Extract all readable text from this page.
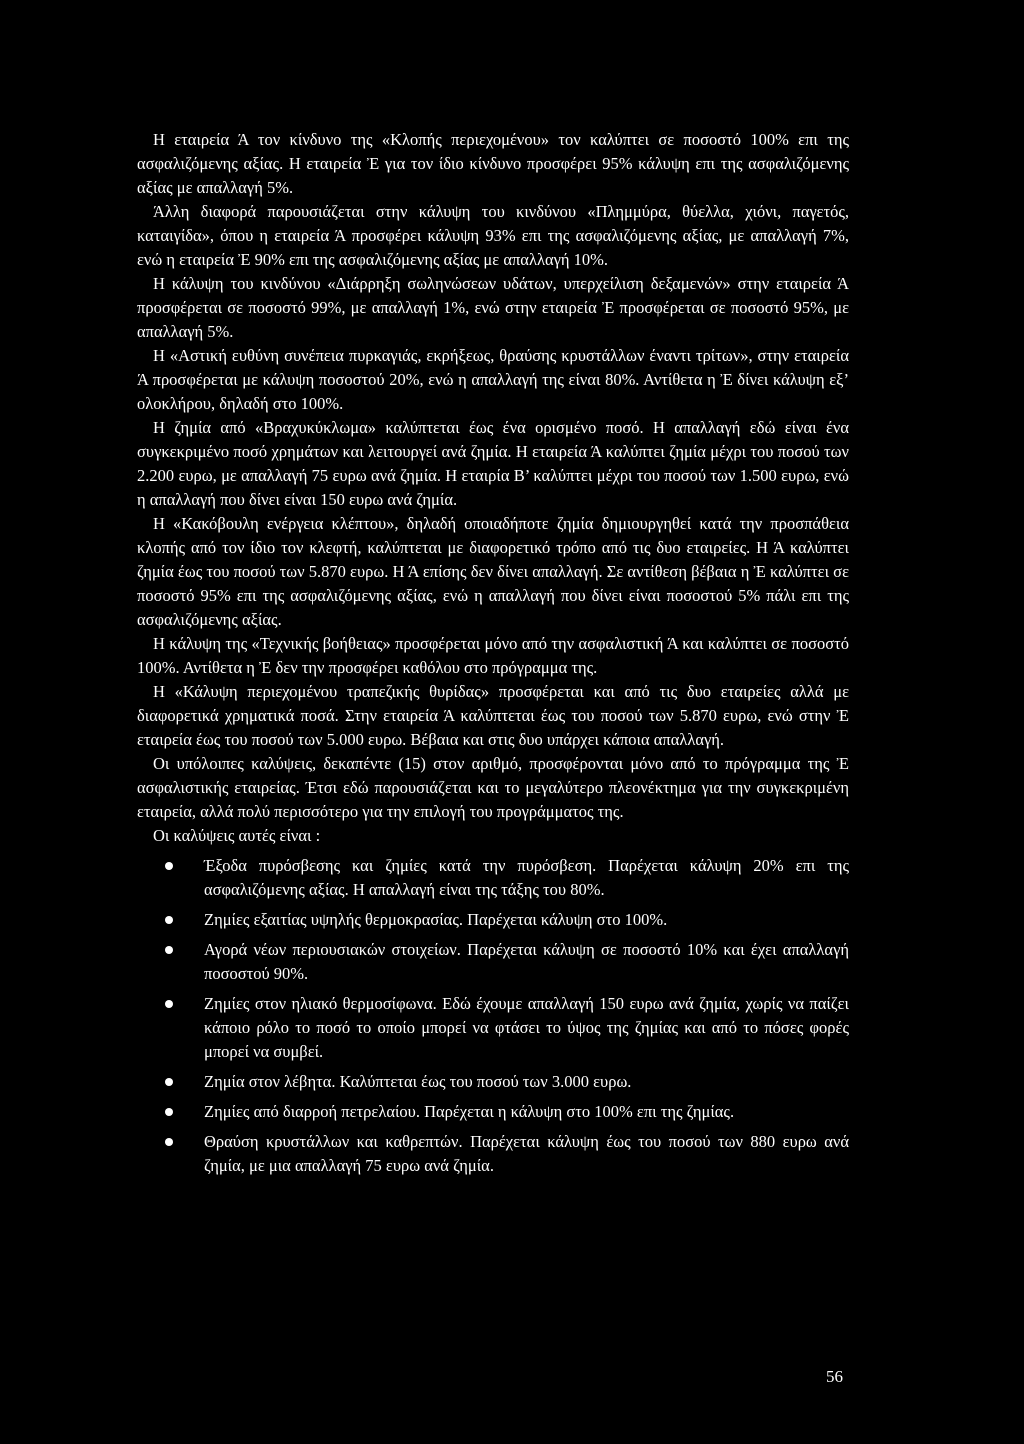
Η εταιρεία Ά τον κίνδυνο της «Κλοπής περιεχομένου» τον καλύπτει σε ποσοστό 100% επι της ασφαλιζόμενης αξίας. Η εταιρεία Ἐ για τον ίδιο κίνδυνο προσφέρει 95% κάλυψη επι της ασφαλιζόμενης αξίας με απαλλαγή 5%.

Άλλη διαφορά παρουσιάζεται στην κάλυψη του κινδύνου «Πλημμύρα, θύελλα, χιόνι, παγετός, καταιγίδα», όπου η εταιρεία Ά προσφέρει κάλυψη 93% επι της ασφαλιζόμενης αξίας, με απαλλαγή 7%, ενώ η εταιρεία Ἐ 90% επι της ασφαλιζόμενης αξίας με απαλλαγή 10%.

Η κάλυψη του κινδύνου «Διάρρηξη σωληνώσεων υδάτων, υπερχείλιση δεξαμενών» στην εταιρεία Ά προσφέρεται σε ποσοστό 99%, με απαλλαγή 1%, ενώ στην εταιρεία Ἐ προσφέρεται σε ποσοστό 95%, με απαλλαγή 5%.

Η «Αστική ευθύνη συνέπεια πυρκαγιάς, εκρήξεως, θραύσης κρυστάλλων έναντι τρίτων», στην εταιρεία Ά προσφέρεται με κάλυψη ποσοστού 20%, ενώ η απαλλαγή της είναι 80%. Αντίθετα η Ἐ δίνει κάλυψη εξ’ ολοκλήρου, δηλαδή στο 100%.

Η ζημία από «Βραχυκύκλωμα» καλύπτεται έως ένα ορισμένο ποσό. Η απαλλαγή εδώ είναι ένα συγκεκριμένο ποσό χρημάτων και λειτουργεί ανά ζημία. Η εταιρεία Ά καλύπτει ζημία μέχρι του ποσού των 2.200 ευρω, με απαλλαγή 75 ευρω ανά ζημία. Η εταιρία Β’ καλύπτει μέχρι του ποσού των 1.500 ευρω, ενώ η απαλλαγή που δίνει είναι 150 ευρω ανά ζημία.

Η «Κακόβουλη ενέργεια κλέπτου», δηλαδή οποιαδήποτε ζημία δημιουργηθεί κατά την προσπάθεια κλοπής από τον ίδιο τον κλεφτή, καλύπτεται με διαφορετικό τρόπο από τις δυο εταιρείες. Η Ά καλύπτει ζημία έως του ποσού των 5.870 ευρω. Η Ά επίσης δεν δίνει απαλλαγή. Σε αντίθεση βέβαια η Ἐ καλύπτει σε ποσοστό 95% επι της ασφαλιζόμενης αξίας, ενώ η απαλλαγή που δίνει είναι ποσοστού 5% πάλι επι της ασφαλιζόμενης αξίας.

Η κάλυψη της «Τεχνικής βοήθειας» προσφέρεται μόνο από την ασφαλιστική Ά και καλύπτει σε ποσοστό 100%. Αντίθετα η Ἐ δεν την προσφέρει καθόλου στο πρόγραμμα της.

Η «Κάλυψη περιεχομένου τραπεζικής θυρίδας» προσφέρεται και από τις δυο εταιρείες αλλά με διαφορετικά χρηματικά ποσά. Στην εταιρεία Ά καλύπτεται έως του ποσού των 5.870 ευρω, ενώ στην Ἐ εταιρεία έως του ποσού των 5.000 ευρω. Βέβαια και στις δυο υπάρχει κάποια απαλλαγή.

Οι υπόλοιπες καλύψεις, δεκαπέντε (15) στον αριθμό, προσφέρονται μόνο από το πρόγραμμα της Ἐ ασφαλιστικής εταιρείας. Έτσι εδώ παρουσιάζεται και το μεγαλύτερο πλεονέκτημα για την συγκεκριμένη εταιρεία, αλλά πολύ περισσότερο για την επιλογή του προγράμματος της.

Οι καλύψεις αυτές είναι :

Έξοδα πυρόσβεσης και ζημίες κατά την πυρόσβεση. Παρέχεται κάλυψη 20% επι της ασφαλιζόμενης αξίας. Η απαλλαγή είναι της τάξης του 80%.
Ζημίες εξαιτίας υψηλής θερμοκρασίας. Παρέχεται κάλυψη στο 100%.
Αγορά νέων περιουσιακών στοιχείων. Παρέχεται κάλυψη σε ποσοστό 10% και έχει απαλλαγή ποσοστού 90%.
Ζημίες στον ηλιακό θερμοσίφωνα. Εδώ έχουμε απαλλαγή 150 ευρω ανά ζημία, χωρίς να παίζει κάποιο ρόλο το ποσό το οποίο μπορεί να φτάσει το ύψος της ζημίας και από το πόσες φορές μπορεί να συμβεί.
Ζημία στον λέβητα. Καλύπτεται έως του ποσού των 3.000 ευρω.
Ζημίες από διαρροή πετρελαίου. Παρέχεται η κάλυψη στο 100% επι της ζημίας.
Θραύση κρυστάλλων και καθρεπτών. Παρέχεται κάλυψη έως του ποσού των 880 ευρω ανά ζημία, με μια απαλλαγή 75 ευρω ανά ζημία.
56
